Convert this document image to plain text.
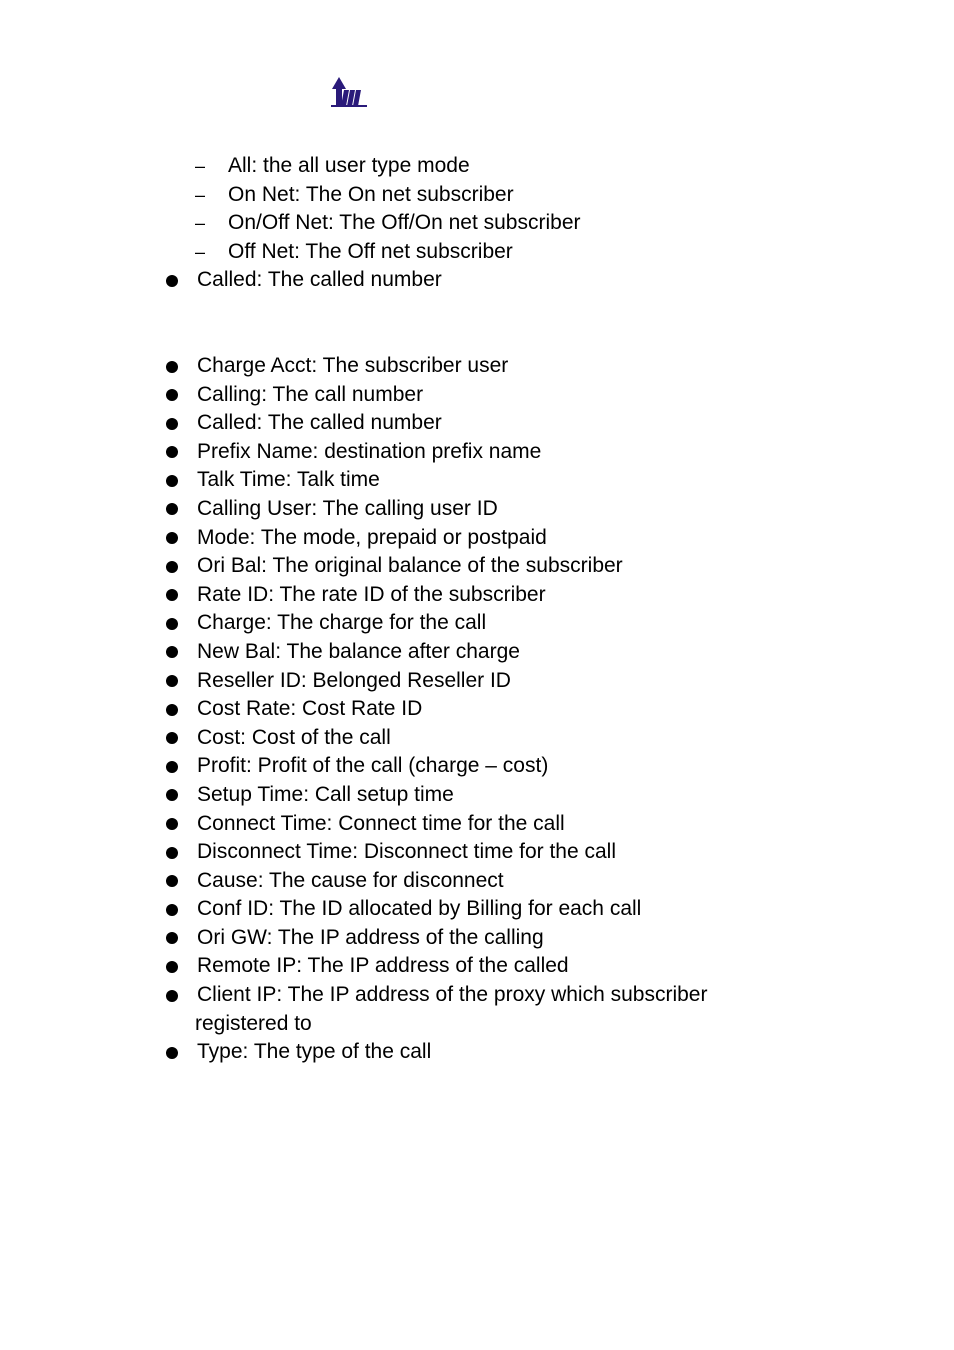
– All: the all user type mode
– On Net: The On net subscriber
– On/Off Net: The Off/On net subscriber
– Off Net: The Off net subscriber
Called: The called number
Charge Acct: The subscriber user
Calling: The call number
Called: The called number
Prefix Name: destination prefix name
Talk Time: Talk time
Calling User: The calling user ID
Mode: The mode, prepaid or postpaid
Ori Bal: The original balance of the subscriber
Rate ID: The rate ID of the subscriber
Charge: The charge for the call
New Bal: The balance after charge
Reseller ID: Belonged Reseller ID
Cost Rate: Cost Rate ID
Cost: Cost of the call
Profit: Profit of the call (charge – cost)
Setup Time: Call setup time
Connect Time: Connect time for the call
Disconnect Time: Disconnect time for the call
Cause: The cause for disconnect
Conf ID: The ID allocated by Billing for each call
Ori GW: The IP address of the calling
Remote IP: The IP address of the called
Client IP: The IP address of the proxy which subscriber
registered to
Type: The type of the call
